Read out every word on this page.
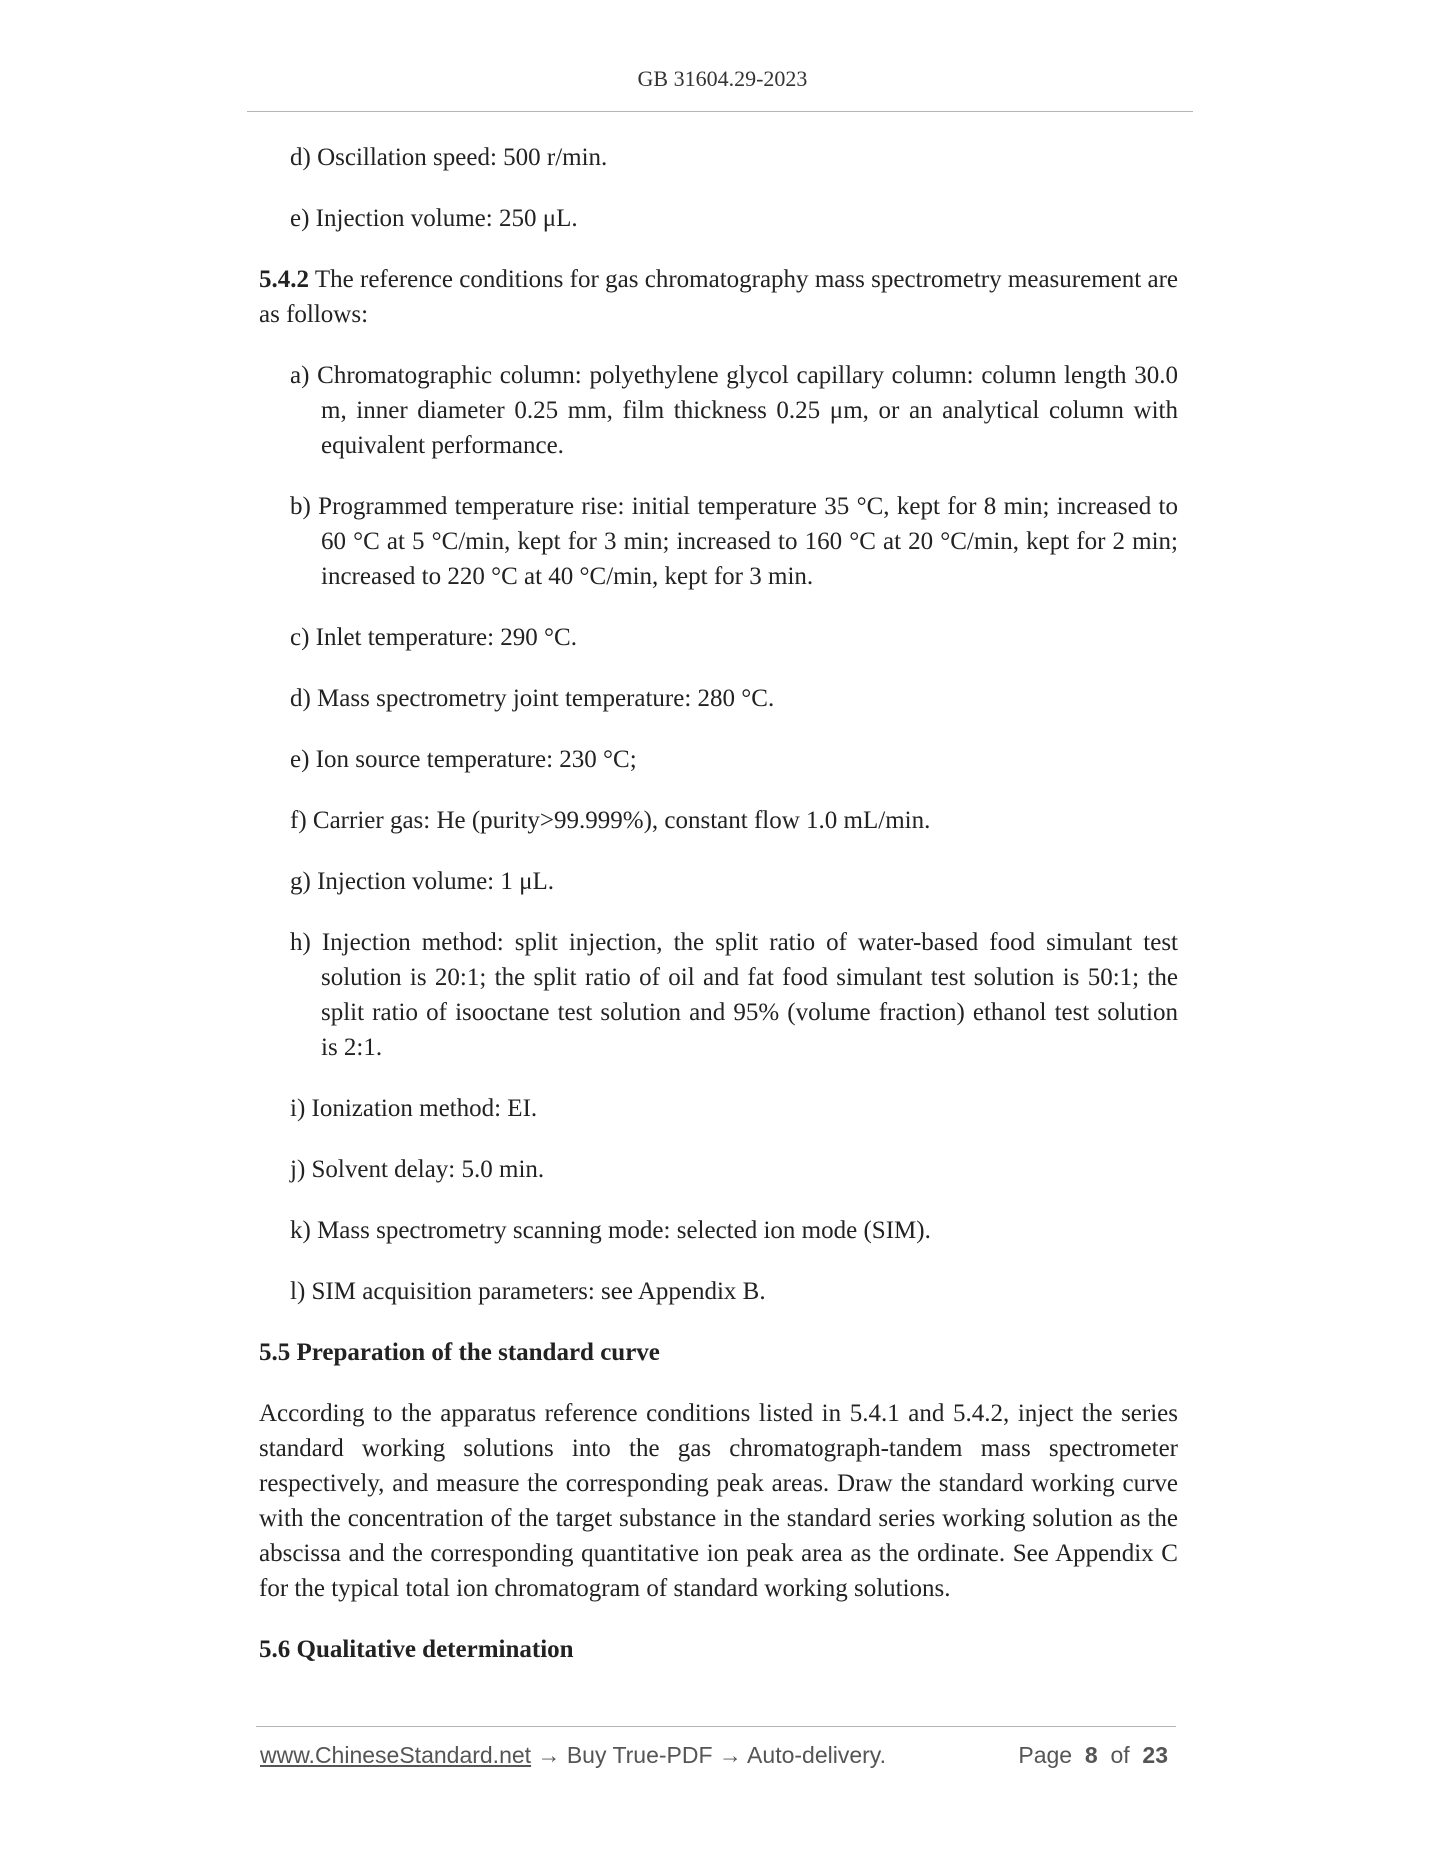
GB 31604.29-2023
d) Oscillation speed: 500 r/min.
e) Injection volume: 250 μL.
5.4.2 The reference conditions for gas chromatography mass spectrometry measurement are as follows:
a) Chromatographic column: polyethylene glycol capillary column: column length 30.0 m, inner diameter 0.25 mm, film thickness 0.25 μm, or an analytical column with equivalent performance.
b) Programmed temperature rise: initial temperature 35 °C, kept for 8 min; increased to 60 °C at 5 °C/min, kept for 3 min; increased to 160 °C at 20 °C/min, kept for 2 min; increased to 220 °C at 40 °C/min, kept for 3 min.
c) Inlet temperature: 290 °C.
d) Mass spectrometry joint temperature: 280 °C.
e) Ion source temperature: 230 °C;
f) Carrier gas: He (purity>99.999%), constant flow 1.0 mL/min.
g) Injection volume: 1 μL.
h) Injection method: split injection, the split ratio of water-based food simulant test solution is 20:1; the split ratio of oil and fat food simulant test solution is 50:1; the split ratio of isooctane test solution and 95% (volume fraction) ethanol test solution is 2:1.
i) Ionization method: EI.
j) Solvent delay: 5.0 min.
k) Mass spectrometry scanning mode: selected ion mode (SIM).
l) SIM acquisition parameters: see Appendix B.
5.5 Preparation of the standard curve
According to the apparatus reference conditions listed in 5.4.1 and 5.4.2, inject the series standard working solutions into the gas chromatograph-tandem mass spectrometer respectively, and measure the corresponding peak areas. Draw the standard working curve with the concentration of the target substance in the standard series working solution as the abscissa and the corresponding quantitative ion peak area as the ordinate. See Appendix C for the typical total ion chromatogram of standard working solutions.
5.6 Qualitative determination
www.ChineseStandard.net → Buy True-PDF → Auto-delivery.	Page 8 of 23
